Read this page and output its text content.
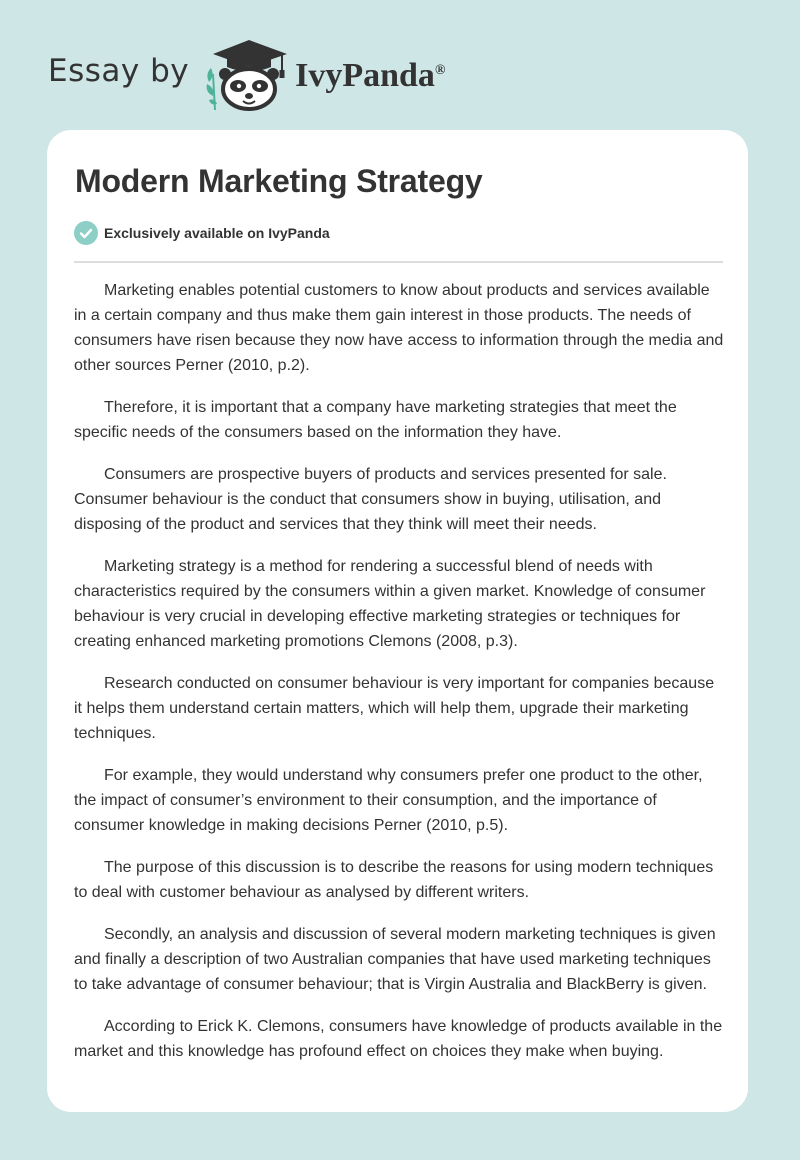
Essay by	IvyPanda®
Modern Marketing Strategy
Exclusively available on IvyPanda

Marketing enables potential customers to know about products and services available in a certain company and thus make them gain interest in those products. The needs of consumers have risen because they now have access to information through the media and other sources Perner (2010, p.2).

Therefore, it is important that a company have marketing strategies that meet the specific needs of the consumers based on the information they have.

Consumers are prospective buyers of products and services presented for sale. Consumer behaviour is the conduct that consumers show in buying, utilisation, and disposing of the product and services that they think will meet their needs.

Marketing strategy is a method for rendering a successful blend of needs with characteristics required by the consumers within a given market. Knowledge of consumer behaviour is very crucial in developing effective marketing strategies or techniques for creating enhanced marketing promotions Clemons (2008, p.3).

Research conducted on consumer behaviour is very important for companies because it helps them understand certain matters, which will help them, upgrade their marketing techniques.

For example, they would understand why consumers prefer one product to the other, the impact of consumer’s environment to their consumption, and the importance of consumer knowledge in making decisions Perner (2010, p.5).

The purpose of this discussion is to describe the reasons for using modern techniques to deal with customer behaviour as analysed by different writers.

Secondly, an analysis and discussion of several modern marketing techniques is given and finally a description of two Australian companies that have used marketing techniques to take advantage of consumer behaviour; that is Virgin Australia and BlackBerry is given.

According to Erick K. Clemons, consumers have knowledge of products available in the market and this knowledge has profound effect on choices they make when buying.
